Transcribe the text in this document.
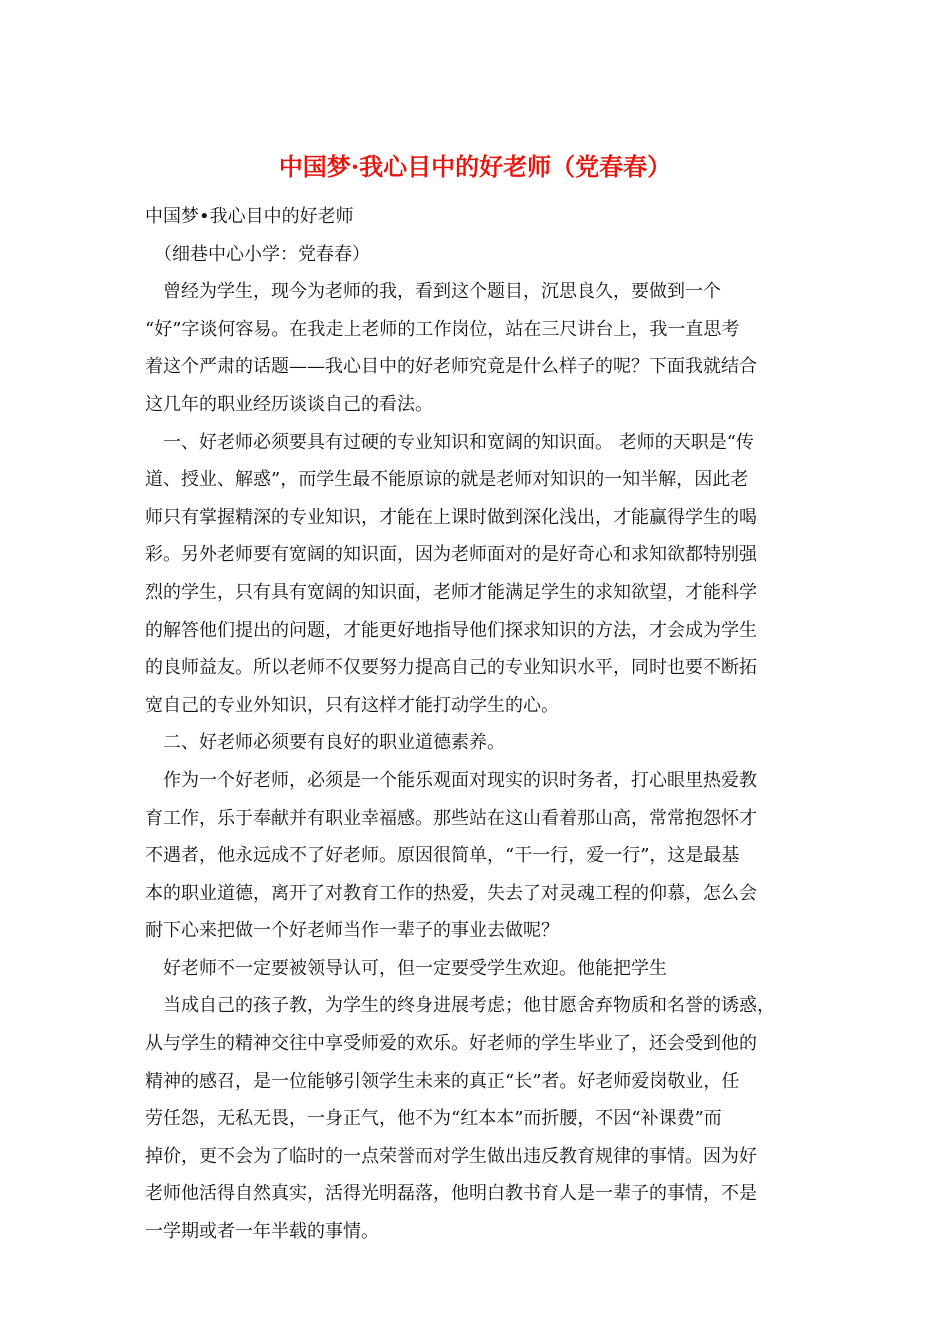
中国梦·我心目中的好老师（党春春）

中国梦•我心目中的好老师

　（细巷中心小学：党春春）

　曾经为学生，现今为老师的我，看到这个题目，沉思良久，要做到一个

“好”字谈何容易。在我走上老师的工作岗位，站在三尺讲台上，我一直思考

着这个严肃的话题——我心目中的好老师究竟是什么样子的呢？下面我就结合

这几年的职业经历谈谈自己的看法。

　一、好老师必须要具有过硬的专业知识和宽阔的知识面。 老师的天职是“传

道、授业、解惑”，而学生最不能原谅的就是老师对知识的一知半解，因此老

师只有掌握精深的专业知识，才能在上课时做到深化浅出，才能赢得学生的喝

彩。另外老师要有宽阔的知识面，因为老师面对的是好奇心和求知欲都特别强

烈的学生，只有具有宽阔的知识面，老师才能满足学生的求知欲望，才能科学

的解答他们提出的问题，才能更好地指导他们探求知识的方法，才会成为学生

的良师益友。所以老师不仅要努力提高自己的专业知识水平，同时也要不断拓

宽自己的专业外知识，只有这样才能打动学生的心。

　二、好老师必须要有良好的职业道德素养。

　作为一个好老师，必须是一个能乐观面对现实的识时务者，打心眼里热爱教

育工作，乐于奉献并有职业幸福感。那些站在这山看着那山高，常常抱怨怀才

不遇者，他永远成不了好老师。原因很简单，“干一行，爱一行”，这是最基

本的职业道德，离开了对教育工作的热爱，失去了对灵魂工程的仰慕，怎么会

耐下心来把做一个好老师当作一辈子的事业去做呢？

　好老师不一定要被领导认可，但一定要受学生欢迎。他能把学生

　当成自己的孩子教，为学生的终身进展考虑；他甘愿舍弃物质和名誉的诱惑，

从与学生的精神交往中享受师爱的欢乐。好老师的学生毕业了，还会受到他的

精神的感召，是一位能够引领学生未来的真正“长”者。好老师爱岗敬业，任

劳任怨，无私无畏，一身正气，他不为“红本本”而折腰，不因“补课费”而

掉价，更不会为了临时的一点荣誉而对学生做出违反教育规律的事情。因为好

老师他活得自然真实，活得光明磊落，他明白教书育人是一辈子的事情，不是

一学期或者一年半载的事情。
